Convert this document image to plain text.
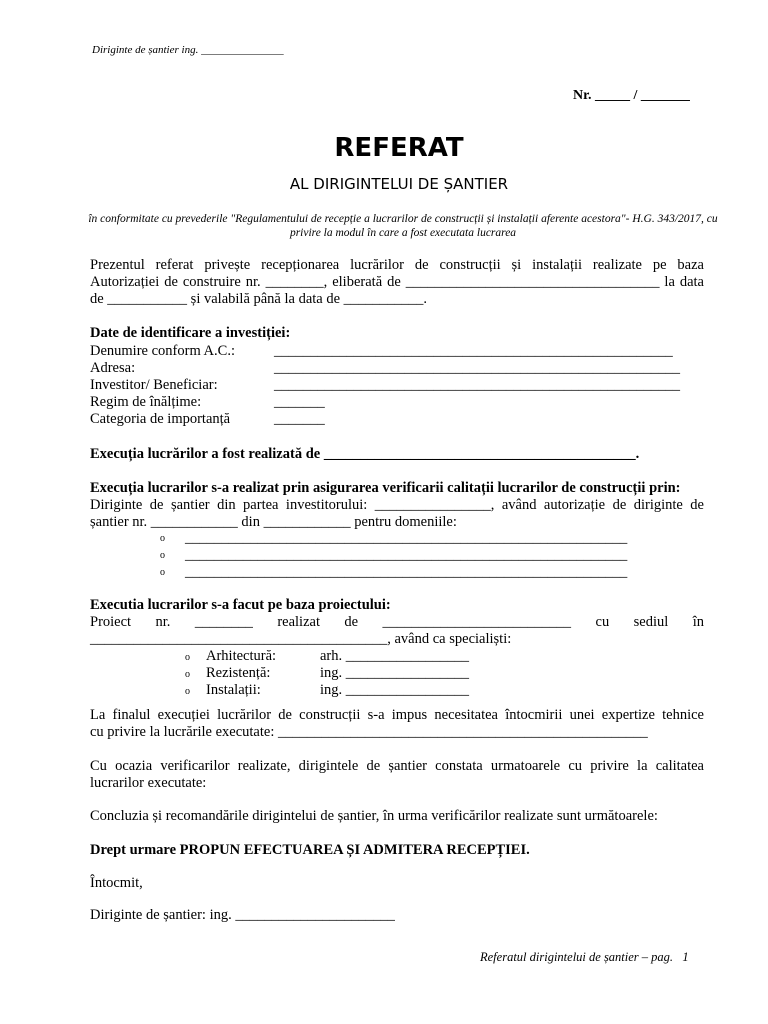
Diriginte de șantier ing. _______________
Nr. _____ / _______
REFERAT
AL DIRIGINTELUI DE ȘANTIER
în conformitate cu prevederile "Regulamentului de recepție a lucrarilor de construcții și instalații aferente acestora"- H.G. 343/2017, cu privire la modul în care a fost executata lucrarea
Prezentul referat privește recepționarea lucrărilor de construcții și instalații realizate pe baza
Autorizației de construire nr. ________, eliberată de ___________________________________ la data
de ___________ și valabilă până la data de ___________.
Date de identificare a investiției:
Denumire conform A.C.:	_______________________________________________________
Adresa:	________________________________________________________
Investitor/ Beneficiar:	________________________________________________________
Regim de înălțime:	_______
Categoria de importanță	_______
Execuția lucrărilor a fost realizată de ___________________________________________.
Execuția lucrarilor s-a realizat prin asigurarea verificarii calitații lucrarilor de construcții prin:
Diriginte de șantier din partea investitorului: ________________, având autorizație de diriginte de
șantier nr. ____________ din ____________ pentru domeniile:
o _____________________________________________________________
o _____________________________________________________________
o _____________________________________________________________
Executia lucrarilor s-a facut pe baza proiectului:
Proiect nr. ________ realizat de __________________________ cu sediul în
_________________________________________, având ca specialiști:
o Arhitectură:	arh. _________________
o Rezistență:	ing. _________________
o Instalații:	ing. _________________
La finalul execuției lucrărilor de construcții s-a impus necesitatea întocmirii unei expertize tehnice
cu privire la lucrările executate: ___________________________________________________
Cu ocazia verificarilor realizate, dirigintele de șantier constata urmatoarele cu privire la calitatea
lucrarilor executate:
Concluzia și recomandările dirigintelui de șantier, în urma verificărilor realizate sunt următoarele:
Drept urmare PROPUN EFECTUAREA ȘI ADMITERA RECEPȚIEI.
Întocmit,
Diriginte de șantier: ing. ______________________
Referatul dirigintelui de șantier – pag.   1
